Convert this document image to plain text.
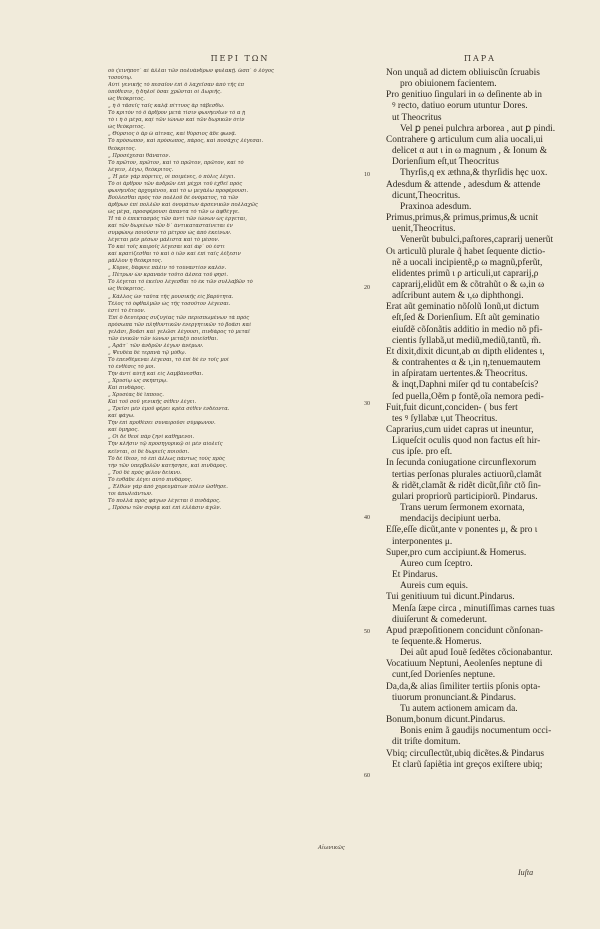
ΠΕΡΙ ΤΩΝ	ΠΑΡΑ
οὐ ϛεινήποτ᾽ αἱ ἄλλαι τῶν πολυάνδρων φυλακῇ. ὥσπ᾽ ὁ λόγος
τοσούτῳ.
Αὐτὶ γενικῆς τὸ πεσαῖον ἐπὶ ὃ λαχεῖσαν ἀπὸ τῆς ἐπ
ὑπόθεσιν, ἤ δηλοῖ ὅσαι χρῶνται οἱ Δωριῆς.
ὡς θεόκριτος.
„ ἢ ὅ τᾶσεῖς ταῖς καλᾷ πίττυος ἅρ τάβεσθω.
Τὸ κριτὸν τὸ ὃ ἄρθρον μετὰ τίσιν φωνήενtων τὸ α ᾖ
τὸ ι ἢ ὁ μέγα, κα̣ὶ τῶν ἰώνων καὶ τῶν δωρικῶν ὁτὶν
ὡς θεόκριτος.
„ Θύρσιος ὁ ἄρ ὢ αἴτνας, καὶ θύρσιος ἅδε φωνᾷ.
Τὸ πρόσωπον, καὶ πρόσωπος, πάρος, καὶ ποσάχις λέγεσαι.
θεόκριτος.
„ Προσέχεσαι θάνατον.
Τὸ πρῶτον, πρῶτον, καὶ τὸ πρῶτον, πρῶτον, καὶ τὸ
λέγειν, λέγω, θεόκριτος.
„ Ἡ μὲν γὰρ πόριτες, οἱ ποιμένες, ὁ πόλις λέγει.
Τὸ οἱ ἄρθρον τῶν ἀνδρῶν ἐπὶ μέχρι τοῦ ἐχθεῖ πρὸς
φωνήενtος ἀρχομένου, καὶ τὸ ω μεγάλω προφέρουσι.
Βούλεσθαι πρὸς τὸν πολλοῦ δὲ ὀνόματος, τὰ τῶν
ἄρθρων ἐπὶ πολλῶν καὶ ὀνομάτων ἀρσενικῶν πολλαχῶς
ὡς μέγα, προσφέρουσι ἅπαντα τὸ τῶν ω ἀφθέγγε.
Ἡ τὰ ὁ ἐπεκτασμὸς τῶν ἀντὶ τῶν ἰώνων ὡς ἐργεται,
καὶ τῶν δωριέων τῶν δ᾽ ἀντικατασταίνεται ἐν
συμφώνῳ ποιοῦσιν τὸ μέτρον ὡς ἀπὸ ἐκείνων.
λέγεται μὲν μέσων μάλιστα καὶ τὸ μέσον.
Τὸ καὶ τοῖς καιροῖς λέγεσαι καὶ ἀφ᾽ οὗ ἐστι
καὶ κρατίζεσθαι τὸ καὶ ὁ ἰῶν καὶ ἐπὶ ταῖς λέξεσιν
μᾶλλον ἢ θεόκριτος.
„ Κύρνε, δάφνιε πάλιν τὸ τοὐναντίον καλὸν.
„ Πέτρων ὧν κραναὸν τοῦτο ἄλσεα τοῦ φησί.
Τὸ λέγεται τὸ ἐκεῖνο λέγεσθαι τὸ ἐκ τῶν συλλαβῶν τὸ
ὡς θεόκριτος.
„ Κάλλος ὤν ταῦτα τῆς μουσικῆς εἰς βαρύτητα.
Τέλος τὸ ὀφθαλμῶν ὡς τῆς τοσοῦτον λέγεσαι.
ἐστὶ τὸ ἔτυον.
Ἐπὶ ὃ δευτέρας συζυγίας τῶν περισπωμένων τὰ πρὸς
πρόσωπα τῶν πληθυντικῶν ἐνεργητικῶν τὸ βοᾶσι καὶ
γελᾶσι, βοᾶσι καὶ γελῶσι λέγουσι, πινδάρος τὸ μεταῖ
τῶν ἐνικῶν τῶν ἰώνων μεταξὺ ποιεῖσθαι.
„ Ἀρᾶτ᾽ τῶν ἀνδρῶν λέγων ἀνέμων.
„ Ψευδέα δὲ τερπνὰ τῷ μύθῳ.
Τὸ ἐπενθέμεναι λέγεσαι, τὸ ἐπὶ δὲ ἐν τοῖς μοὶ
τὸ ἐνθέσις τὸ μοι.
Τὴν ἀντὶ αὐτῇ καὶ εἰς λαμβάνεσθαι.
„ Χρυσίῳ ὡς σκήπτρῳ.
Καὶ πινδάρος.
„ Χρυσέας δὲ ἵππους.
Καὶ τοῦ σοῦ γενικῆς σέθεν λέγει.
„ Τρεῖσι μὲν ἐμοῦ φέρει κρέα σέθεν ἐνδέοντα.
καὶ φάγω.
Τὴν ἐπὶ προθέσει συναιροῦσι σύμφωνον.
καὶ ὅμηρος.
„ Οἱ δὲ θεοὶ πὰρ ζηνὶ καθήμενοι.
Τὴν κλῆσιν τῷ προσηγορικῷ οἱ μὲν αἰολεῖς
κεῖνται, οἱ δὲ δωριεῖς ποιοῦσι.
Τὸ δὲ ἴδιον, τὸ ἐπὶ ἄλλως πάντως τοὺς πρὸς
τὴν τῶν ὑπερβολῶν κατήσησε, καὶ πινδάρος.
„ Τοῦ δὲ πρὸς φίλον δείκνυ.
Τὸ ἐνθάδε λέγει αὐτὸ πινδάρος.
„ Ἐλθὼν γὰρ ἀπὸ χορευμάτων πόλιν ὥσθησε.
τοι ἀπωλιάντων.
Τὸ πολλὰ πρὸς φάγων λέγεται ὃ πινδάρος.
„ Πρόσω τῶν σοφίᾳ καὶ ἐπὶ ἑλλάσιν ἀγῶν.
Αἰωνικῶς
Non unquã ad dictem obliuiscũn ſcruabis
pro obiuionem facientem.
Pro genitiuo ſingulari in ω deſinente ab in
ꝰ recto, datiuo eorum utuntur Dores.
ut Theocritus
Vel ꝑ penei pulchra arborea , aut ꝑ pindi.
Contrahere ꝯ articulum cum alia uocali,ui
delicet α aut ι in ω magnum , & Ionum &
Dorienſium eſt,ut Theocritus
Thyrſis,q ex æthna,& thyrſidis hęc uox.
Adesdum & attende , adesdum & attende
dicunt,Theocritus.
Praxinoa adesdum.
Primus,primus,& primus,primus,& ucnit
uenit,Theocritus.
Venerũt bubulci,paſtores,caprarij uenerũt
Oι articulũ plurale q̃ habet ſequente dictio-
nẽ a uocali incipientẽ,ρ ω magnũ,pferũt,
elidentes primũ ι ρ articuli,ut caprarij,ρ
caprarij,elidũt em & cõtrahũt ο & ω,in ω
adſcribunt autem & ι,ω diphthongi.
Erat aũt geminatio nõſolũ Ionũ,ut dictum
eſt,ſed & Dorienſium. Eſt aũt geminatio
eiuſdẽ cõſonãtis additio in medio nõ pfi-
cientis ſyllabã,ut mediũ,mediũ,tantũ, m̃.
Et dixit,dixit dicunt,ab αι dipth elidentes ι,
& contrahentes α & ι,in η,tenuemautem
in aſpiratam uertentes.& Theocritus.
& inqt,Daphni miſer qd tu contabeſcis?
ſed puella,Oẽm p fontẽ,oĩa nemora pedi-
Fuit,fuit dicunt,conciden- ( bus fert
tes ꝰ ſyllabæ ι,ut Theocritus.
Caprarius,cum uidet capras ut ineuntur,
Liqueſcit oculis quod non factus eſt hir-
cus ipſe. pro eſt.
In ſecunda coniugatione circunflexorum
tertias perſonas plurales actiuorũ,clamãt
& ridẽt,clamãt & ridẽt dicũt,ſiñr ctõ ſin-
gulari propriorũ participiorũ. Pindarus.
Trans uerum ſermonem exornata,
mendacijs decipiunt uerba.
Eſſe,eſſe dicũt,ante ν ponentes μ, & pro ι
interponentes μ.
Super,pro cum accipiunt.& Homerus.
Aureo cum ſceptro.
Et Pindarus.
Aureis cum equis.
Tui genitiuum tui dicunt.Pindarus.
Menſa ſæpe circa , minutiſſimas carnes tuas
diuiſerunt & comederunt.
Apud præpoſitionem concidunt cõnſonan-
te ſequente.& Homerus.
Dei aũt apud Iouẽ ſedẽtes cõcionabantur.
Vocatiuum Neptuni, Aeolenſes neptune di
cunt,ſed Dorienſes neptune.
Da,da,& alias ſimiliter tertiis pſonis opta-
tiuorum pronunciant.& Pindarus.
Tu autem actionem amicam da.
Bonum,bonum dicunt.Pindarus.
Bonis enim ã gaudijs nocumentum occi-
dit triſte domitum.
Vbiq; circuſlectũt,ubiq dicẽtes.& Pindarus
Et clarũ ſapiẽtia int greços exiſtere ubiq;
10
20
30
40
50
60
Iuſta
